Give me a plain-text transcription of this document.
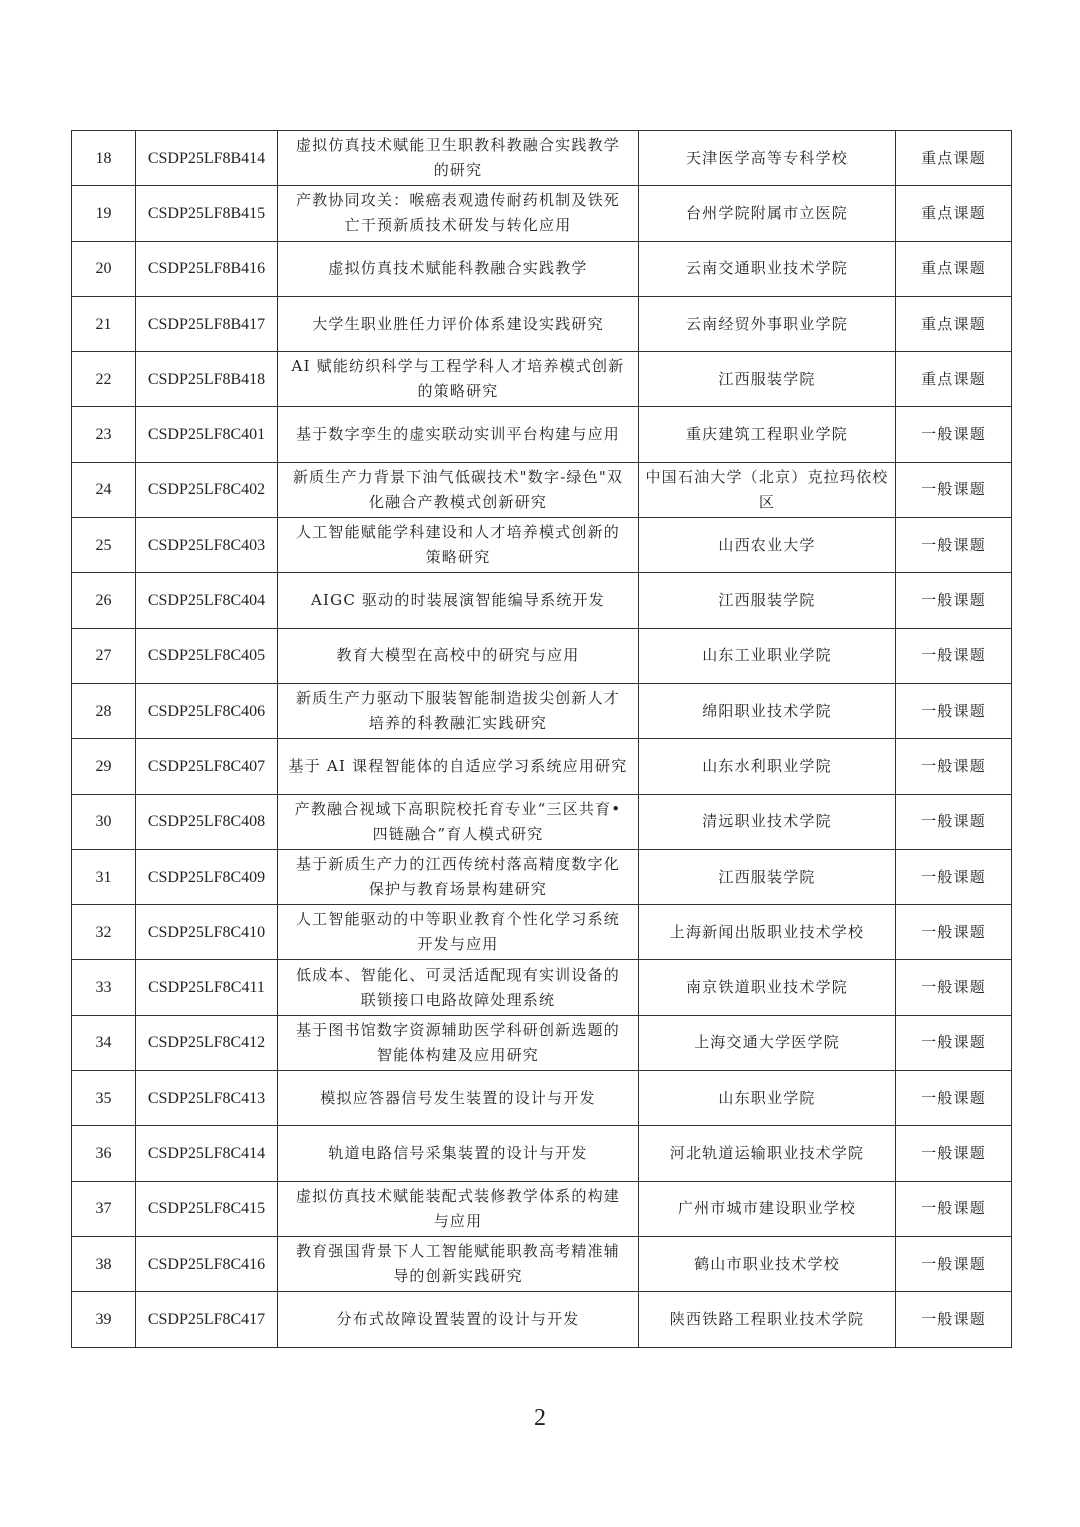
18	CSDP25LF8B414	虚拟仿真技术赋能卫生职教科教融合实践教学的研究	天津医学高等专科学校	重点课题
19	CSDP25LF8B415	产教协同攻关：喉癌表观遗传耐药机制及铁死亡干预新质技术研发与转化应用	台州学院附属市立医院	重点课题
20	CSDP25LF8B416	虚拟仿真技术赋能科教融合实践教学	云南交通职业技术学院	重点课题
21	CSDP25LF8B417	大学生职业胜任力评价体系建设实践研究	云南经贸外事职业学院	重点课题
22	CSDP25LF8B418	AI 赋能纺织科学与工程学科人才培养模式创新的策略研究	江西服装学院	重点课题
23	CSDP25LF8C401	基于数字孪生的虚实联动实训平台构建与应用	重庆建筑工程职业学院	一般课题
24	CSDP25LF8C402	新质生产力背景下油气低碳技术"数字-绿色"双化融合产教模式创新研究	中国石油大学（北京）克拉玛依校区	一般课题
25	CSDP25LF8C403	人工智能赋能学科建设和人才培养模式创新的策略研究	山西农业大学	一般课题
26	CSDP25LF8C404	AIGC 驱动的时装展演智能编导系统开发	江西服装学院	一般课题
27	CSDP25LF8C405	教育大模型在高校中的研究与应用	山东工业职业学院	一般课题
28	CSDP25LF8C406	新质生产力驱动下服装智能制造拔尖创新人才培养的科教融汇实践研究	绵阳职业技术学院	一般课题
29	CSDP25LF8C407	基于 AI 课程智能体的自适应学习系统应用研究	山东水利职业学院	一般课题
30	CSDP25LF8C408	产教融合视域下高职院校托育专业“三区共育•四链融合”育人模式研究	清远职业技术学院	一般课题
31	CSDP25LF8C409	基于新质生产力的江西传统村落高精度数字化保护与教育场景构建研究	江西服装学院	一般课题
32	CSDP25LF8C410	人工智能驱动的中等职业教育个性化学习系统开发与应用	上海新闻出版职业技术学校	一般课题
33	CSDP25LF8C411	低成本、智能化、可灵活适配现有实训设备的联锁接口电路故障处理系统	南京铁道职业技术学院	一般课题
34	CSDP25LF8C412	基于图书馆数字资源辅助医学科研创新选题的智能体构建及应用研究	上海交通大学医学院	一般课题
35	CSDP25LF8C413	模拟应答器信号发生装置的设计与开发	山东职业学院	一般课题
36	CSDP25LF8C414	轨道电路信号采集装置的设计与开发	河北轨道运输职业技术学院	一般课题
37	CSDP25LF8C415	虚拟仿真技术赋能装配式装修教学体系的构建与应用	广州市城市建设职业学校	一般课题
38	CSDP25LF8C416	教育强国背景下人工智能赋能职教高考精准辅导的创新实践研究	鹤山市职业技术学校	一般课题
39	CSDP25LF8C417	分布式故障设置装置的设计与开发	陕西铁路工程职业技术学院	一般课题
2
